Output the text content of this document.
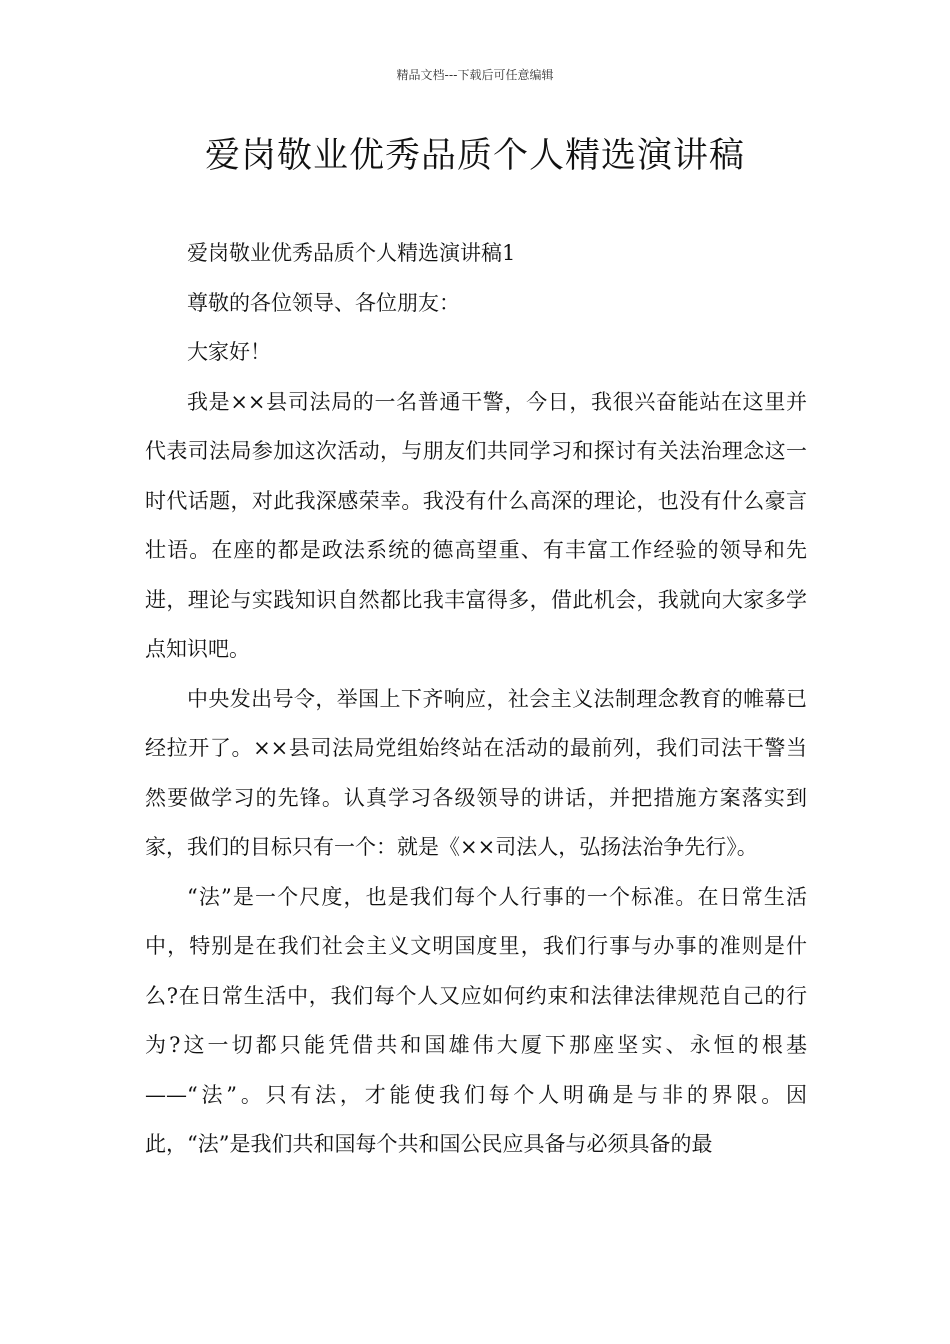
精品文档---下载后可任意编辑
爱岗敬业优秀品质个人精选演讲稿

爱岗敬业优秀品质个人精选演讲稿1

尊敬的各位领导、各位朋友：

大家好！

我是××县司法局的一名普通干警，今日，我很兴奋能站在这里并代表司法局参加这次活动，与朋友们共同学习和探讨有关法治理念这一时代话题，对此我深感荣幸。我没有什么高深的理论，也没有什么豪言壮语。在座的都是政法系统的德高望重、有丰富工作经验的领导和先进，理论与实践知识自然都比我丰富得多，借此机会，我就向大家多学点知识吧。

中央发出号令，举国上下齐响应，社会主义法制理念教育的帷幕已经拉开了。××县司法局党组始终站在活动的最前列，我们司法干警当然要做学习的先锋。认真学习各级领导的讲话，并把措施方案落实到家，我们的目标只有一个：就是《××司法人，弘扬法治争先行》。

“法”是一个尺度，也是我们每个人行事的一个标准。在日常生活中，特别是在我们社会主义文明国度里，我们行事与办事的准则是什么?在日常生活中，我们每个人又应如何约束和法律法律规范自己的行为?这一切都只能凭借共和国雄伟大厦下那座坚实、永恒的根基——“法”。只有法，才能使我们每个人明确是与非的界限。因此，“法”是我们共和国每个共和国公民应具备与必须具备的最
